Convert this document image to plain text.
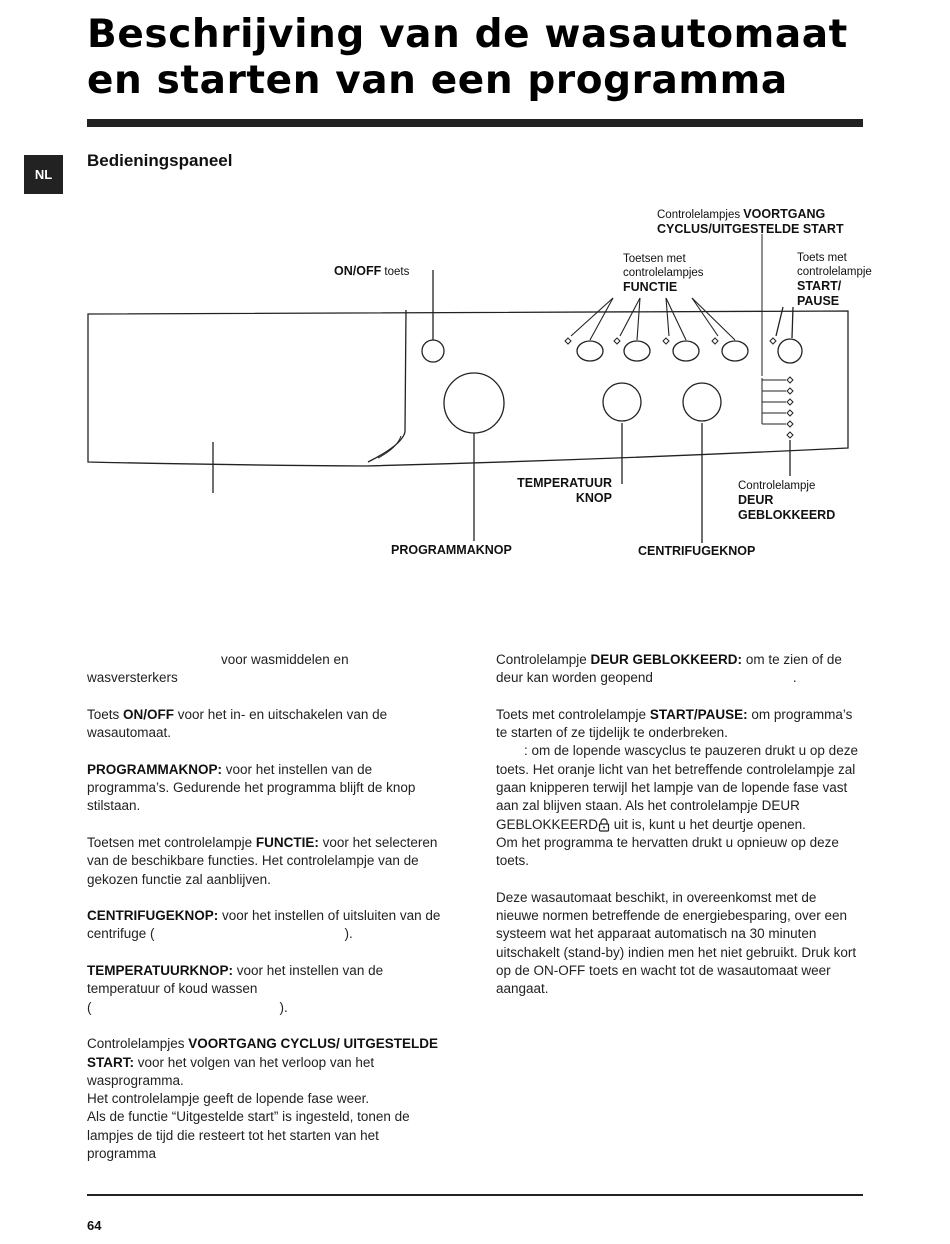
Beschrijving van de wasautomaat
en starten van een programma
NL
Bedieningspaneel
Controlelampjes VOORTGANG
CYCLUS/UITGESTELDE START
ON/OFF toets
Toetsen met
controlelampjes
FUNCTIE
Toets met
controlelampje
START/
PAUSE
TEMPERATUUR
KNOP
Controlelampje
DEUR
GEBLOKKEERD
PROGRAMMAKNOP	CENTRIFUGEKNOP

voor wasmiddelen en
wasversterkers

Toets ON/OFF voor het in- en uitschakelen van de wasautomaat.

PROGRAMMAKNOP: voor het instellen van de programma’s. Gedurende het programma blijft de knop stilstaan.

Toetsen met controlelampje FUNCTIE: voor het selecteren van de beschikbare functies. Het controlelampje van de gekozen functie zal aanblijven.

CENTRIFUGEKNOP: voor het instellen of uitsluiten van de centrifuge (	).

TEMPERATUURKNOP: voor het instellen van de temperatuur of koud wassen
(	).

Controlelampjes VOORTGANG CYCLUS/ UITGESTELDE START: voor het volgen van het verloop van het wasprogramma.
Het controlelampje geeft de lopende fase weer.
Als de functie “Uitgestelde start” is ingesteld, tonen de lampjes de tijd die resteert tot het starten van het programma

Controlelampje DEUR GEBLOKKEERD: om te zien of de deur kan worden geopend	.

Toets met controlelampje START/PAUSE: om programma’s te starten of ze tijdelijk te onderbreken.
: om de lopende wascyclus te pauzeren drukt u op deze toets. Het oranje licht van het betreffende controlelampje zal gaan knipperen terwijl het lampje van de lopende fase vast aan zal blijven staan. Als het controlelampje DEUR GEBLOKKEERD uit is, kunt u het deurtje openen.
Om het programma te hervatten drukt u opnieuw op deze toets.

Deze wasautomaat beschikt, in overeenkomst met de nieuwe normen betreffende de energiebesparing, over een systeem wat het apparaat automatisch na 30 minuten uitschakelt (stand-by) indien men het niet gebruikt. Druk kort op de ON-OFF toets en wacht tot de wasautomaat weer aangaat.

64
